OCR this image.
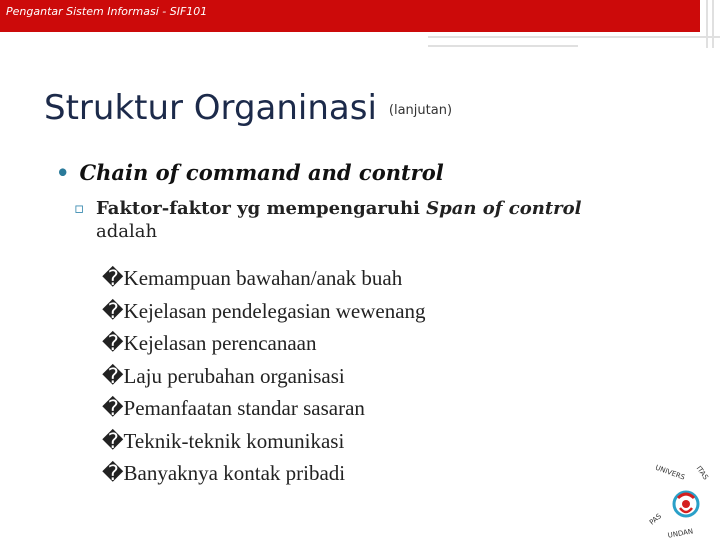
Pengantar Sistem Informasi - SIF101
Struktur Organinasi (lanjutan)
• Chain of command and control
▫ Faktor-faktor yg mempengaruhi Span of control adalah
�Kemampuan bawahan/anak buah
�Kejelasan pendelegasian wewenang
�Kejelasan perencanaan
�Laju perubahan organisasi
�Pemanfaatan standar sasaran
�Teknik-teknik komunikasi
�Banyaknya kontak pribadi	UNIVERS ITAS
PAS
UNDAN
